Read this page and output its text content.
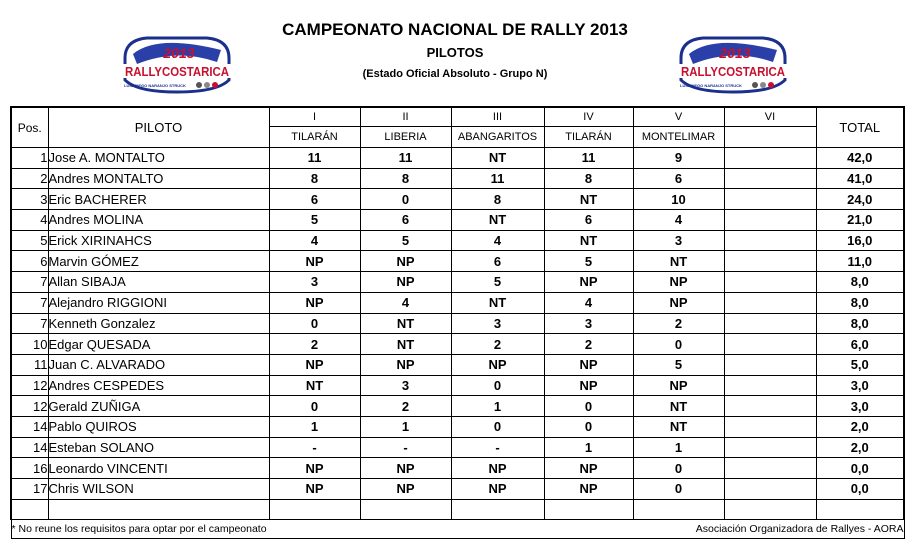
2013
RALLYCOSTARICA
LUIS DIEGO NARANJO STRUCK
2013
RALLYCOSTARICA
LUIS DIEGO NARANJO STRUCK
CAMPEONATO NACIONAL DE RALLY 2013
PILOTOS
(Estado Oficial Absoluto - Grupo N)
Pos.	PILOTO	I	II	III	IV	V	VI	TOTAL
		TILARÁN	LIBERIA	ABANGARITOS	TILARÁN	MONTELIMAR		
1	Jose A. MONTALTO	11	11	NT	11	9		42,0
2	Andres MONTALTO	8	8	11	8	6		41,0
3	Eric BACHERER	6	0	8	NT	10		24,0
4	Andres MOLINA	5	6	NT	6	4		21,0
5	Erick XIRINAHCS	4	5	4	NT	3		16,0
6	Marvin GÓMEZ	NP	NP	6	5	NT		11,0
7	Allan SIBAJA	3	NP	5	NP	NP		8,0
7	Alejandro RIGGIONI	NP	4	NT	4	NP		8,0
7	Kenneth Gonzalez	0	NT	3	3	2		8,0
10	Edgar QUESADA	2	NT	2	2	0		6,0
11	Juan C. ALVARADO	NP	NP	NP	NP	5		5,0
12	Andres CESPEDES	NT	3	0	NP	NP		3,0
12	Gerald ZUÑIGA	0	2	1	0	NT		3,0
14	Pablo QUIROS	1	1	0	0	NT		2,0
14	Esteban SOLANO	-	-	-	1	1		2,0
16	Leonardo VINCENTI	NP	NP	NP	NP	0		0,0
17	Chris WILSON	NP	NP	NP	NP	0		0,0

* No reune los requisitos para optar por el campeonato					Asociación Organizadora de Rallyes - AORA			
